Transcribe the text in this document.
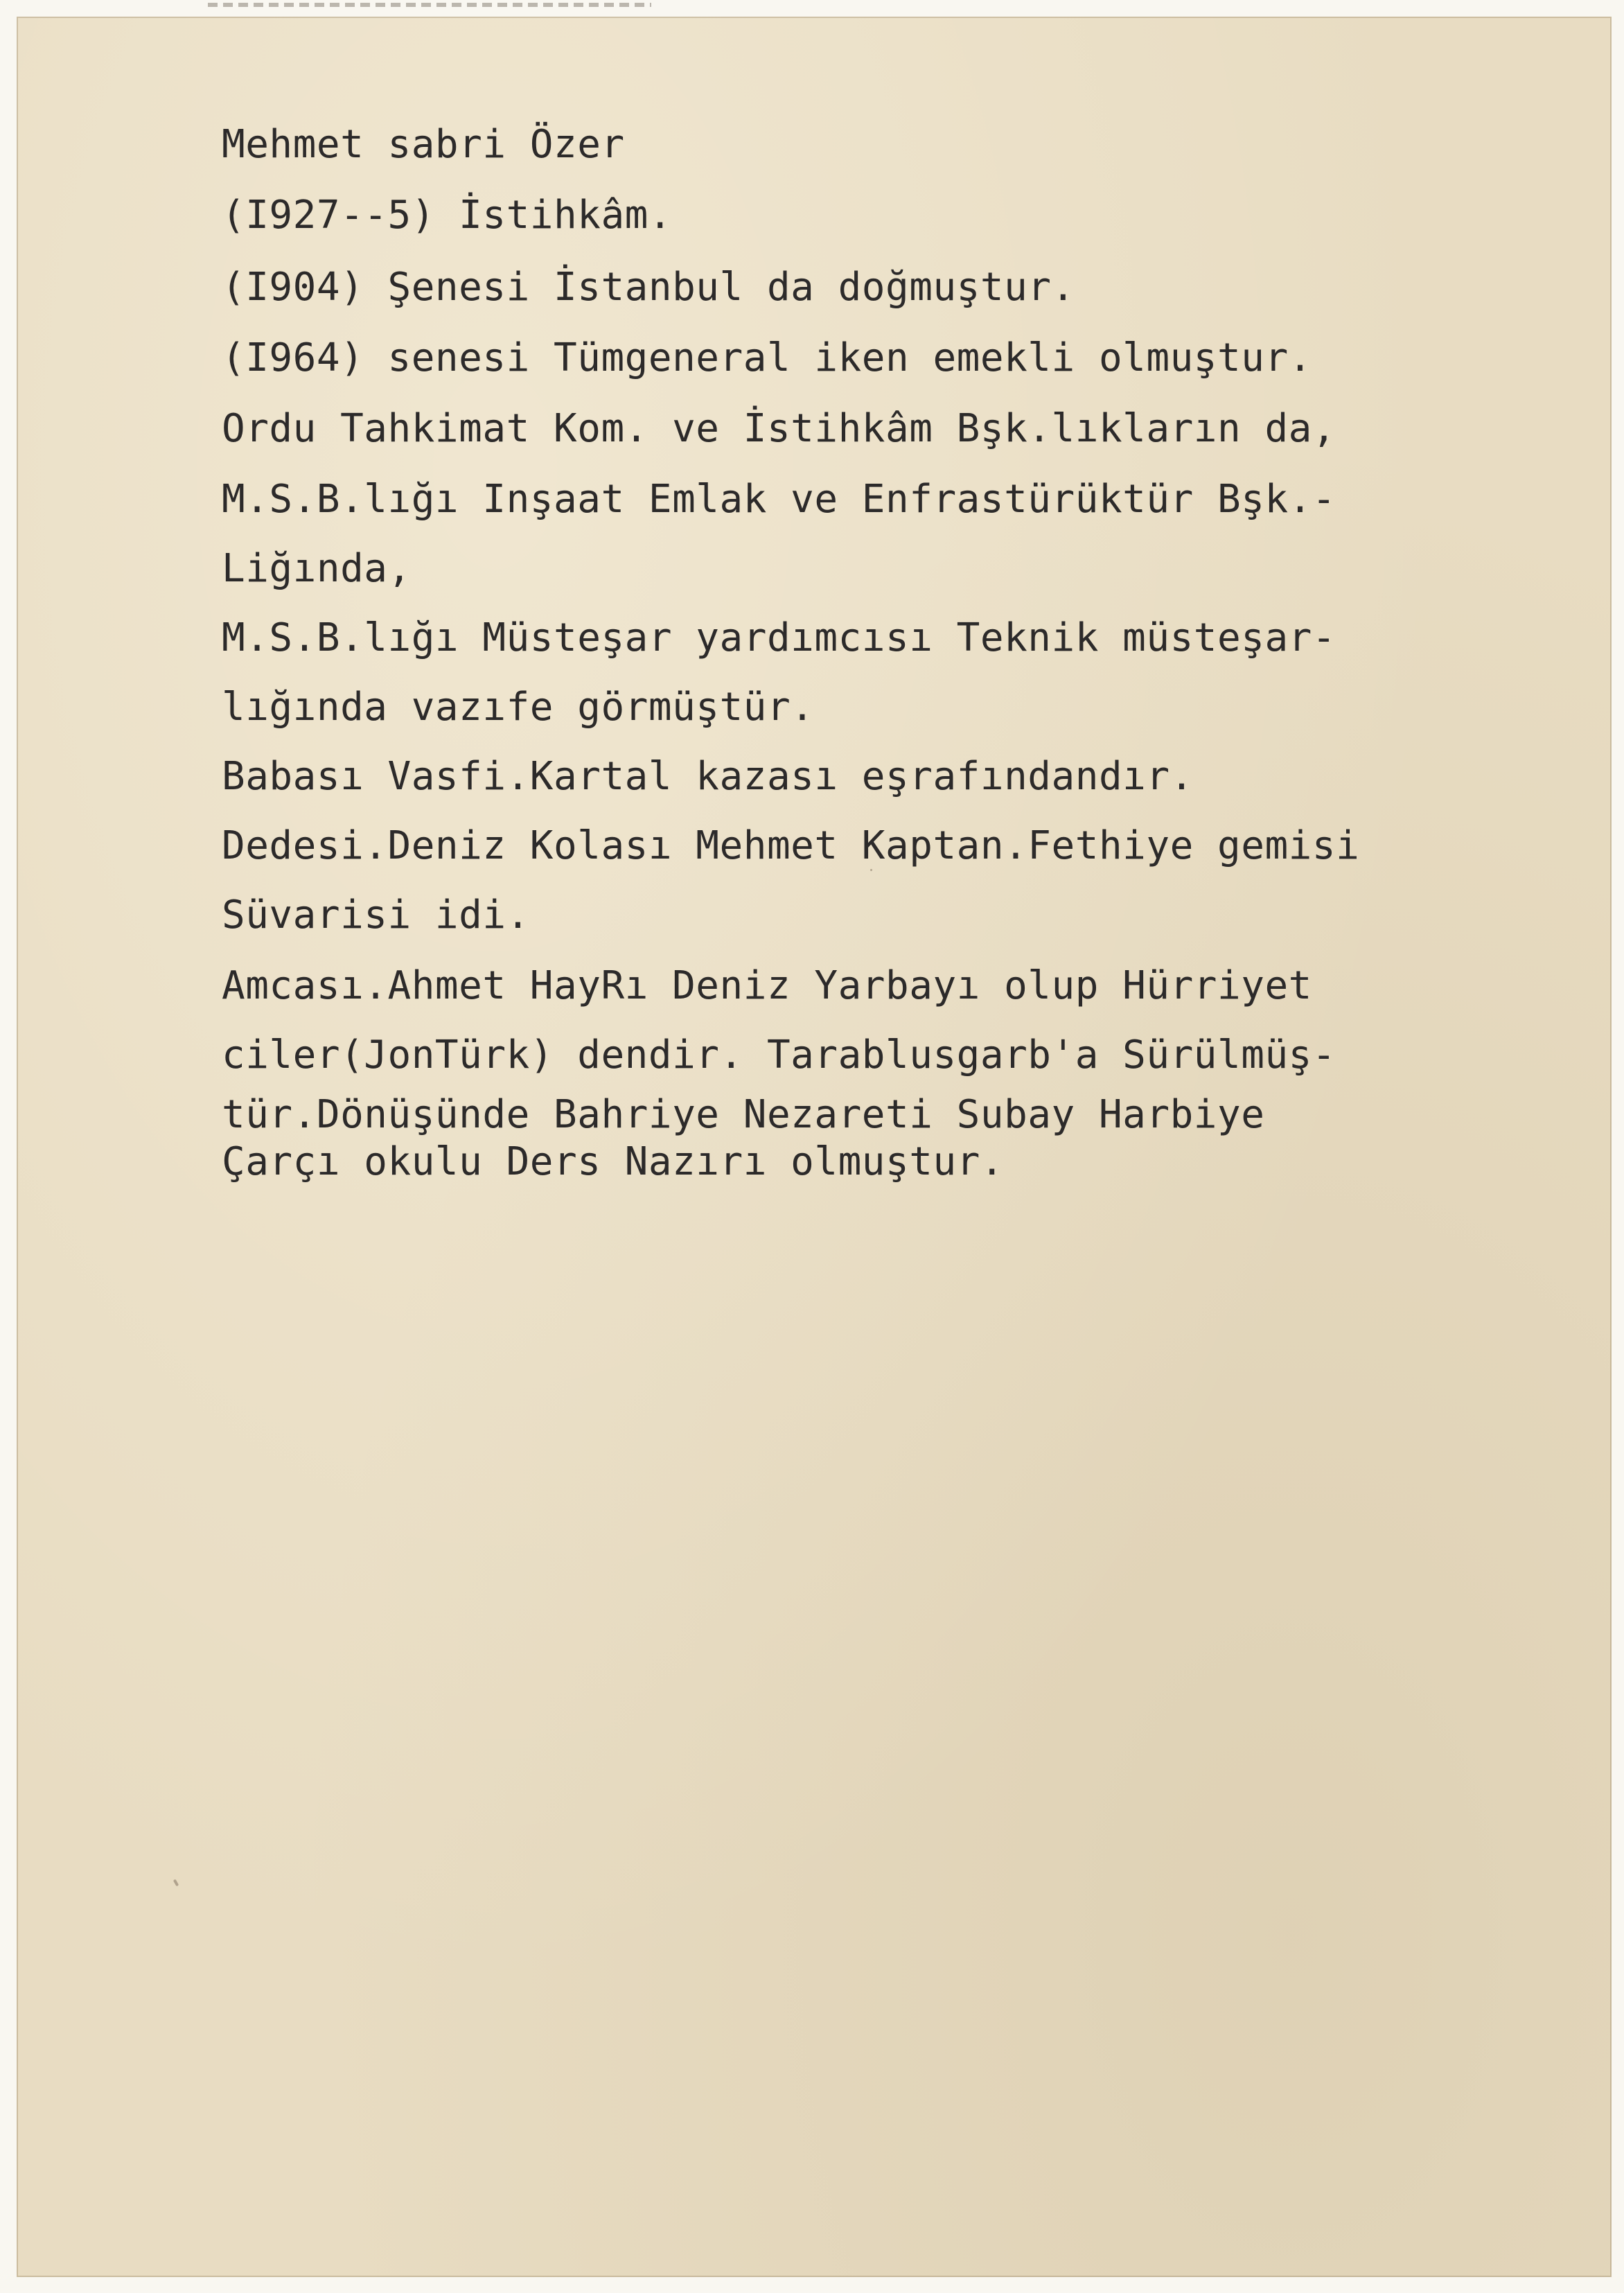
Mehmet sabri Özer
(I927--5) İstihkâm.
(I904) Şenesi İstanbul da doğmuştur.
(I964) senesi Tümgeneral iken emekli olmuştur.
Ordu Tahkimat Kom. ve İstihkâm Bşk.lıkların da,
M.S.B.lığı Inşaat Emlak ve Enfrastürüktür Bşk.-
Liğında,
M.S.B.lığı Müsteşar yardımcısı Teknik müsteşar-
lığında vazıfe görmüştür.
Babası Vasfi.Kartal kazası eşrafındandır.
Dedesi.Deniz Kolası Mehmet Kaptan.Fethiye gemisi
Süvarisi idi.
Amcası.Ahmet HayRı Deniz Yarbayı olup Hürriyet
ciler(JonTürk) dendir. Tarablusgarb'a Sürülmüş-
tür.Dönüşünde Bahriye Nezareti Subay Harbiye
Çarçı okulu Ders Nazırı olmuştur.
